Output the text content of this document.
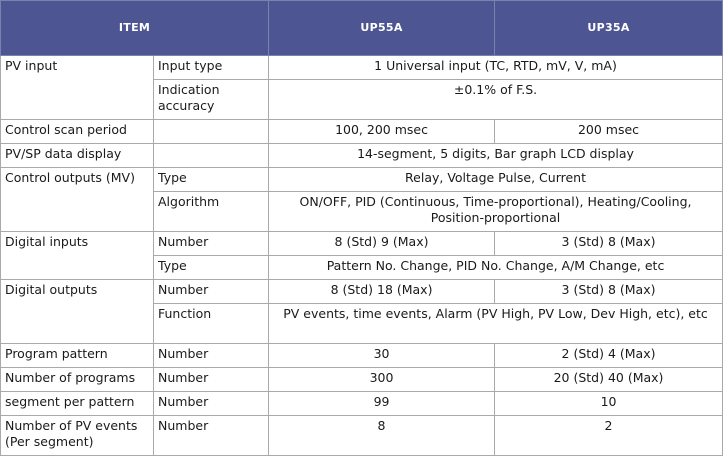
ITEM		UP55A	UP35A
PV input	Input type	1 Universal input (TC, RTD, mV, V, mA)	
	Indication accuracy	±0.1% of F.S.	
Control scan period		100, 200 msec	200 msec
PV/SP data display		14-segment, 5 digits, Bar graph LCD display	
Control outputs (MV)	Type	Relay, Voltage Pulse, Current	
	Algorithm	ON/OFF, PID (Continuous, Time-proportional), Heating/Cooling, Position-proportional	
Digital inputs	Number	8 (Std) 9 (Max)	3 (Std) 8 (Max)
	Type	Pattern No. Change, PID No. Change, A/M Change, etc	
Digital outputs	Number	8 (Std) 18 (Max)	3 (Std) 8 (Max)
	Function	PV events, time events, Alarm (PV High, PV Low, Dev High, etc), etc	
Program pattern	Number	30	2 (Std) 4 (Max)
Number of programs	Number	300	20 (Std) 40 (Max)
segment per pattern	Number	99	10
Number of PV events (Per segment)	Number	8	2
